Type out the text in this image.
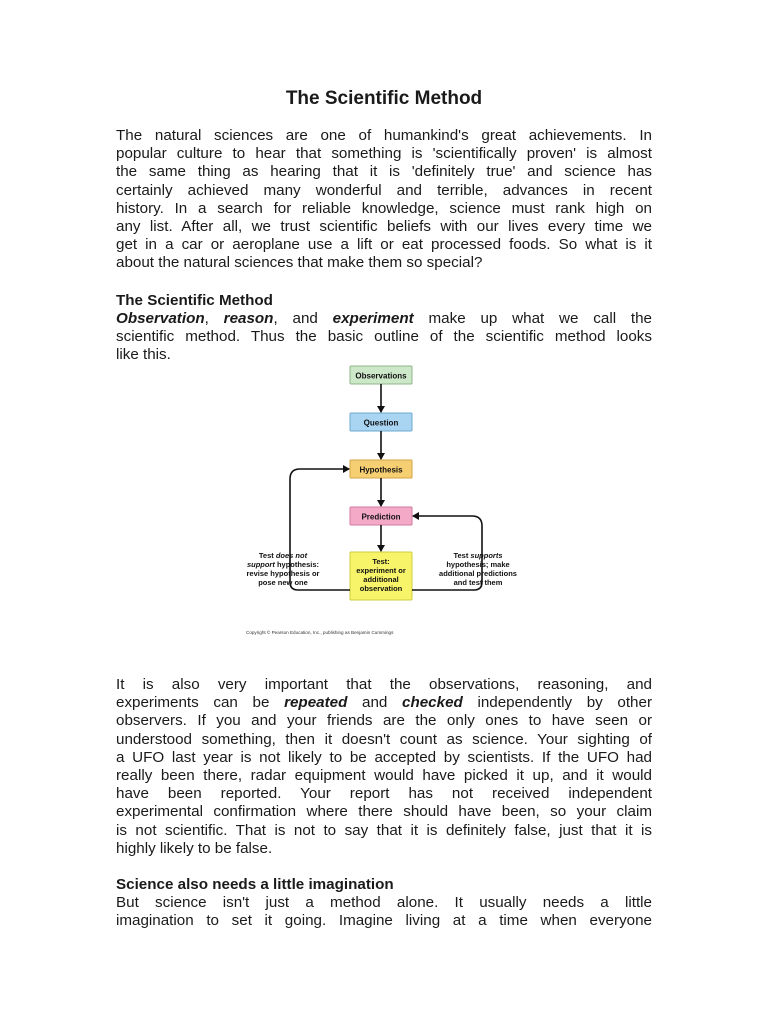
The Scientific Method
The natural sciences are one of humankind's great achievements. In
popular culture to hear that something is 'scientifically proven' is almost
the same thing as hearing that it is 'definitely true' and science has
certainly achieved many wonderful and terrible, advances in recent
history. In a search for reliable knowledge, science must rank high on
any list. After all, we trust scientific beliefs with our lives every time we
get in a car or aeroplane use a lift or eat processed foods. So what is it
about the natural sciences that make them so special?
The Scientific Method
Observation, reason, and experiment make up what we call the
scientific method. Thus the basic outline of the scientific method looks
like this.
Observations
Question
Hypothesis
Prediction
Test:
experiment or
additional
observation
Test does not
support hypothesis:
revise hypothesis or
pose new one
Test supports
hypothesis; make
additional predictions
and test them
Copyright © Pearson Education, Inc., publishing as Benjamin Cummings
It is also very important that the observations, reasoning, and
experiments can be repeated and checked independently by other
observers. If you and your friends are the only ones to have seen or
understood something, then it doesn't count as science. Your sighting of
a UFO last year is not likely to be accepted by scientists. If the UFO had
really been there, radar equipment would have picked it up, and it would
have been reported. Your report has not received independent
experimental confirmation where there should have been, so your claim
is not scientific. That is not to say that it is definitely false, just that it is
highly likely to be false.
Science also needs a little imagination
But science isn't just a method alone. It usually needs a little
imagination to set it going. Imagine living at a time when everyone
